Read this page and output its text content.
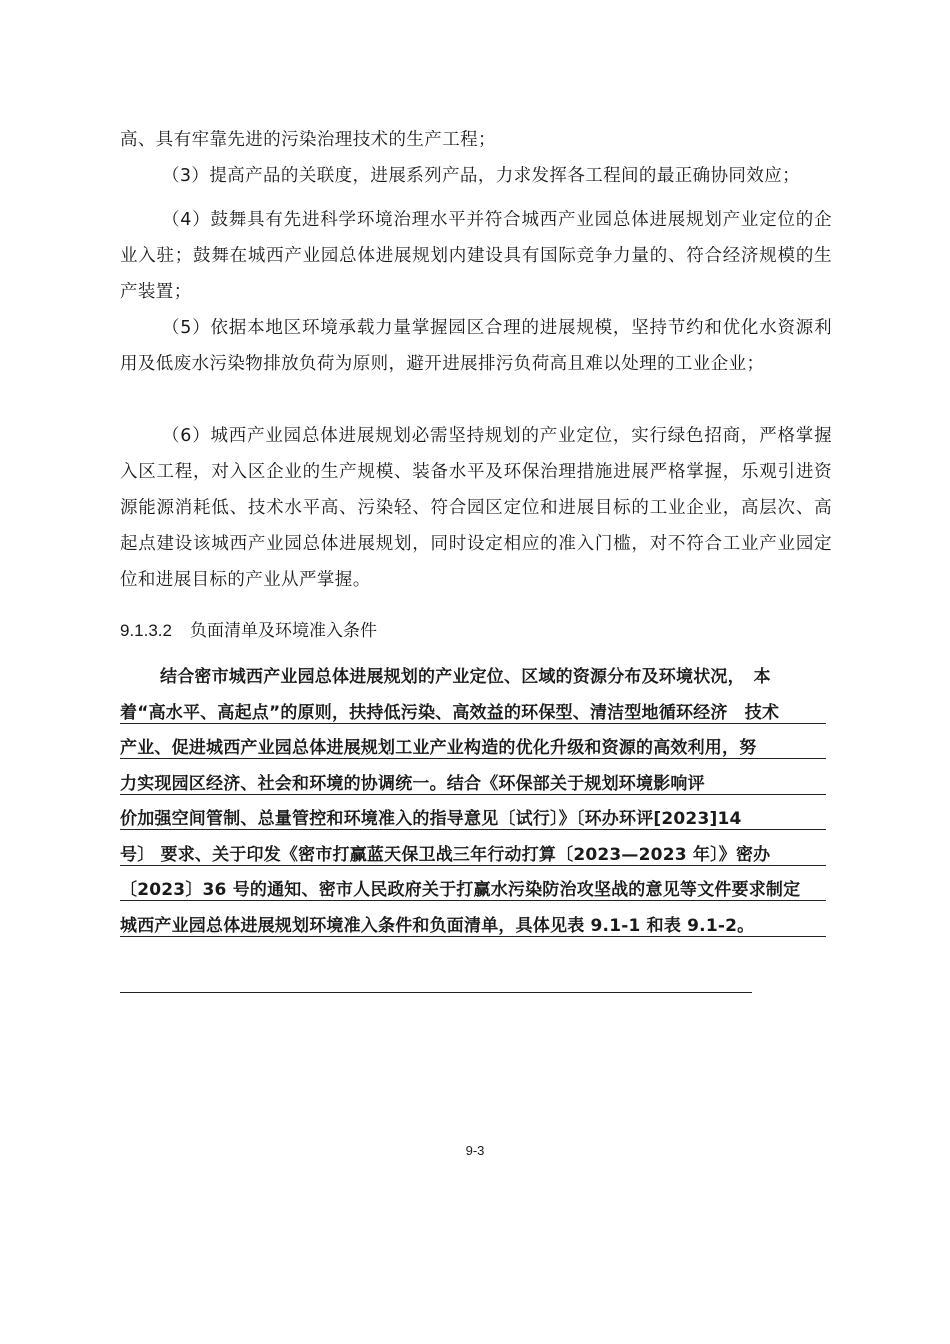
高、具有牢靠先进的污染治理技术的生产工程；

（3）提高产品的关联度，进展系列产品，力求发挥各工程间的最正确协同效应；

（4）鼓舞具有先进科学环境治理水平并符合城西产业园总体进展规划产业定位的企业入驻；鼓舞在城西产业园总体进展规划内建设具有国际竞争力量的、符合经济规模的生产装置；

（5）依据本地区环境承载力量掌握园区合理的进展规模，坚持节约和优化水资源利用及低废水污染物排放负荷为原则，避开进展排污负荷高且难以处理的工业企业；

（6）城西产业园总体进展规划必需坚持规划的产业定位，实行绿色招商，严格掌握入区工程，对入区企业的生产规模、装备水平及环保治理措施进展严格掌握，乐观引进资源能源消耗低、技术水平高、污染轻、符合园区定位和进展目标的工业企业，高层次、高起点建设该城西产业园总体进展规划，同时设定相应的准入门槛，对不符合工业产业园定位和进展目标的产业从严掌握。

9.1.3.2 负面清单及环境准入条件
结合密市城西产业园总体进展规划的产业定位、区域的资源分布及环境状况，　本
着“高水平、高起点”的原则，扶持低污染、高效益的环保型、清洁型地循环经济　技术
产业、促进城西产业园总体进展规划工业产业构造的优化升级和资源的高效利用，努
力实现园区经济、社会和环境的协调统一。结合《环保部关于规划环境影响评
价加强空间管制、总量管控和环境准入的指导意见〔试行〕》〔环办环评[2023]14
号〕 要求、关于印发《密市打赢蓝天保卫战三年行动打算〔2023—2023 年〕》密办
〔2023〕36 号的通知、密市人民政府关于打赢水污染防治攻坚战的意见等文件要求制定
城西产业园总体进展规划环境准入条件和负面清单，具体见表 9.1-1 和表 9.1-2。
9-3
